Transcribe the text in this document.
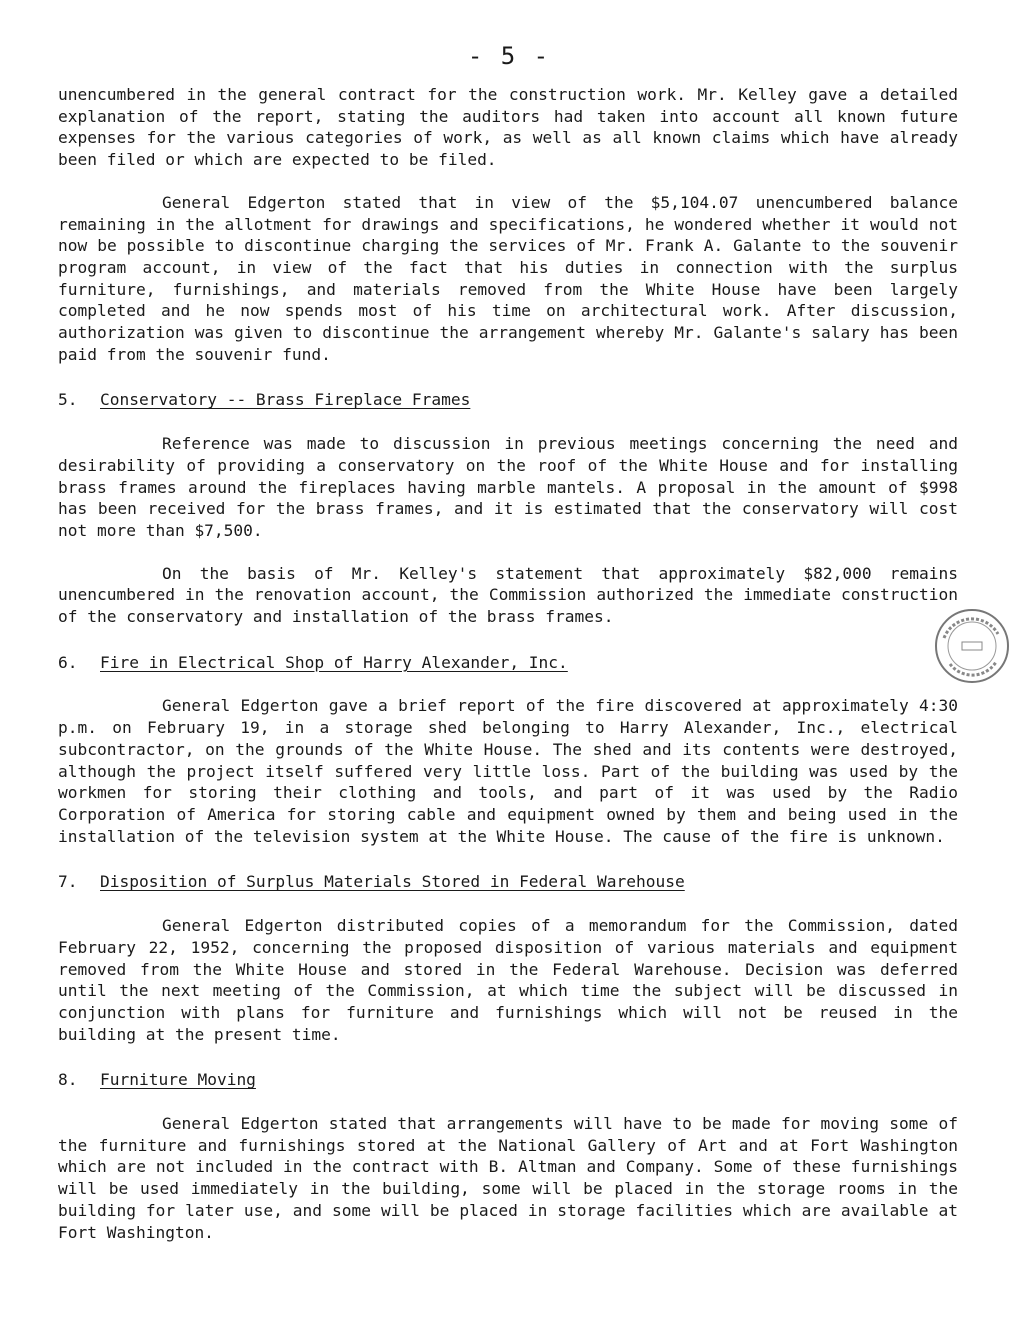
- 5 -

unencumbered in the general contract for the construction work. Mr. Kelley gave a detailed explanation of the report, stating the auditors had taken into account all known future expenses for the various categories of work, as well as all known claims which have already been filed or which are expected to be filed.

General Edgerton stated that in view of the $5,104.07 unencumbered balance remaining in the allotment for drawings and specifications, he wondered whether it would not now be possible to discontinue charging the services of Mr. Frank A. Galante to the souvenir program account, in view of the fact that his duties in connection with the surplus furniture, furnishings, and materials removed from the White House have been largely completed and he now spends most of his time on architectural work. After discussion, authorization was given to discontinue the arrangement whereby Mr. Galante's salary has been paid from the souvenir fund.

5. Conservatory -- Brass Fireplace Frames

Reference was made to discussion in previous meetings concerning the need and desirability of providing a conservatory on the roof of the White House and for installing brass frames around the fireplaces having marble mantels. A proposal in the amount of $998 has been received for the brass frames, and it is estimated that the conservatory will cost not more than $7,500.

On the basis of Mr. Kelley's statement that approximately $82,000 remains unencumbered in the renovation account, the Commission authorized the immediate construction of the conservatory and installation of the brass frames.

6. Fire in Electrical Shop of Harry Alexander, Inc.

General Edgerton gave a brief report of the fire discovered at approximately 4:30 p.m. on February 19, in a storage shed belonging to Harry Alexander, Inc., electrical subcontractor, on the grounds of the White House. The shed and its contents were destroyed, although the project itself suffered very little loss. Part of the building was used by the workmen for storing their clothing and tools, and part of it was used by the Radio Corporation of America for storing cable and equipment owned by them and being used in the installation of the television system at the White House. The cause of the fire is unknown.

7. Disposition of Surplus Materials Stored in Federal Warehouse

General Edgerton distributed copies of a memorandum for the Commission, dated February 22, 1952, concerning the proposed disposition of various materials and equipment removed from the White House and stored in the Federal Warehouse. Decision was deferred until the next meeting of the Commission, at which time the subject will be discussed in conjunction with plans for furniture and furnishings which will not be reused in the building at the present time.

8. Furniture Moving

General Edgerton stated that arrangements will have to be made for moving some of the furniture and furnishings stored at the National Gallery of Art and at Fort Washington which are not included in the contract with B. Altman and Company. Some of these furnishings will be used immediately in the building, some will be placed in the storage rooms in the building for later use, and some will be placed in storage facilities which are available at Fort Washington.
